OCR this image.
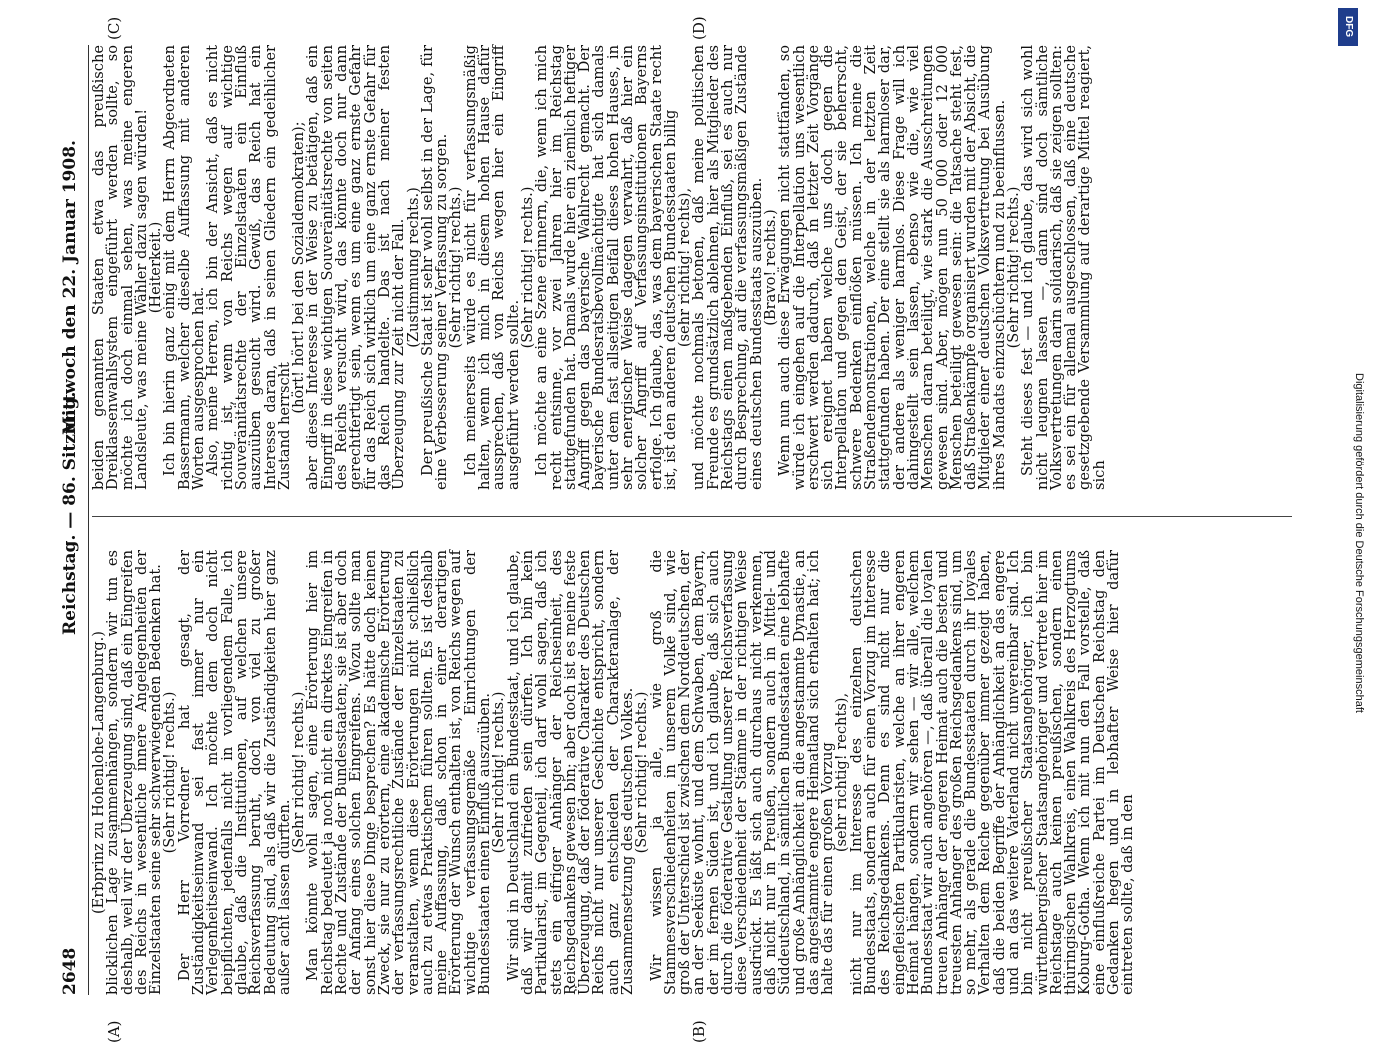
2648
Reichstag. — 86. Sitzung.
Mittwoch den 22. Januar 1908.

(Erbprinz zu Hohenlohe-Langenburg.)

blicklichen Lage zusammenhängen, sondern wir tun es deshalb, weil wir der Überzeugung sind, daß ein Eingreifen des Reichs in wesentliche innere Angelegenheiten der Einzelstaaten seine sehr schwerwiegenden Bedenken hat.

(Sehr richtig! rechts.)

Der Herr Vorredner hat gesagt, der Zuständigkeitseinwand sei fast immer nur ein Verlegenheitseinwand. Ich möchte dem doch nicht beipflichten, jedenfalls nicht in vorliegendem Falle, ich glaube, daß die Institutionen, auf welchen unsere Reichsverfassung beruht, doch von viel zu großer Bedeutung sind, als daß wir die Zuständigkeiten hier ganz außer acht lassen dürften.

(Sehr richtig! rechts.)

Man könnte wohl sagen, eine Erörterung hier im Reichstag bedeutet ja noch nicht ein direktes Eingreifen in Rechte und Zustände der Bundesstaaten; sie ist aber doch der Anfang eines solchen Eingreifens. Wozu sollte man sonst hier diese Dinge besprechen? Es hätte doch keinen Zweck, sie nur zu erörtern, eine akademische Erörterung der verfassungsrechtliche Zustände der Einzelstaaten zu veranstalten, wenn diese Erörterungen nicht schließlich auch zu etwas Praktischem führen sollten. Es ist deshalb meine Auffassung, daß schon in einer derartigen Erörterung der Wunsch enthalten ist, von Reichs wegen auf wichtige verfassungsgemäße Einrichtungen der Bundesstaaten einen Einfluß auszuüben.

(Sehr richtig! rechts.)

Wir sind in Deutschland ein Bundesstaat, und ich glaube, daß wir damit zufrieden sein dürfen. Ich bin kein Partikularist, im Gegenteil, ich darf wohl sagen, daß ich stets ein eifriger Anhänger der Reichseinheit, des Reichsgedankens gewesen bin; aber doch ist es meine feste Überzeugung, daß der föderative Charakter des Deutschen Reichs nicht nur unserer Geschichte entspricht, sondern auch ganz entschieden der Charakteranlage, der Zusammensetzung des deutschen Volkes.

(Sehr richtig! rechts.)

Wir wissen ja alle, wie groß die Stammesverschiedenheiten in unserem Volke sind, wie groß der Unterschied ist zwischen dem Norddeutschen, der an der Seeküste wohnt, und dem Schwaben, dem Bayern, der im fernen Süden ist, und ich glaube, daß sich auch durch die föderative Gestaltung unserer Reichsverfassung diese Verschiedenheit der Stämme in der richtigen Weise ausdrückt. Es läßt sich auch durchaus nicht verkennen, daß nicht nur in Preußen, sondern auch in Mittel- und Süddeutschland, in sämtlichen Bundesstaaten eine lebhafte und große Anhänglichkeit an die angestammte Dynastie, an das angestammte engere Heimatland sich erhalten hat; ich halte das für einen großen Vorzug

(sehr richtig! rechts),

nicht nur im Interesse des einzelnen deutschen Bundesstaats, sondern auch für einen Vorzug im Interesse des Reichsgedankens. Denn es sind nicht nur die eingefleischten Partikularisten, welche an ihrer engeren Heimat hängen, sondern wir sehen — wir alle, welchem Bundesstaat wir auch angehören —, daß überall die loyalen treuen Anhänger der engeren Heimat auch die besten und treuesten Anhänger des großen Reichsgedankens sind, um so mehr, als gerade die Bundesstaaten durch ihr loyales Verhalten dem Reiche gegenüber immer gezeigt haben, daß die beiden Begriffe der Anhänglichkeit an das engere und an das weitere Vaterland nicht unvereinbar sind. Ich bin nicht preußischer Staatsangehöriger, ich bin württembergischer Staatsangehöriger und vertrete hier im Reichstage auch keinen preußischen, sondern einen thüringischen Wahlkreis, einen Wahlkreis des Herzogtums Koburg-Gotha. Wenn ich mit nun den Fall vorstelle, daß eine einflußreiche Partei im Deutschen Reichstag den Gedanken hegen und in lebhafter Weise hier dafür eintreten sollte, daß in den

beiden genannten Staaten etwa das preußische Dreiklassenwahlsystem eingeführt werden sollte, so möchte ich doch einmal sehen, was meine engeren Landsleute, was meine Wähler dazu sagen würden!

(Heiterkeit.)

Ich bin hierin ganz einig mit dem Herrn Abgeordneten Bassermann, welcher dieselbe Auffassung mit anderen Worten ausgesprochen hat.

Also, meine Herren, ich bin der Ansicht, daß es nicht richtig ist, wenn von Reichs wegen auf wichtige Souveränitätsrechte der Einzelstaaten ein Einfluß auszuüben gesucht wird. Gewiß, das Reich hat ein Interesse daran, daß in seinen Gliedern ein gedeihlicher Zustand herrscht

(hört! hört! bei den Sozialdemokraten);

aber dieses Interesse in der Weise zu betätigen, daß ein Eingriff in diese wichtigen Souveränitätsrechte von seiten des Reichs versucht wird, das könnte doch nur dann gerechtfertigt sein, wenn es um eine ganz ernste Gefahr für das Reich sich wirklich um eine ganz ernste Gefahr für das Reich handelte. Das ist nach meiner festen Überzeugung zur Zeit nicht der Fall.

(Zustimmung rechts.)

Der preußische Staat ist sehr wohl selbst in der Lage, für eine Verbesserung seiner Verfassung zu sorgen.

(Sehr richtig! rechts.)

Ich meinerseits würde es nicht für verfassungsmäßig halten, wenn ich mich in diesem hohen Hause dafür aussprechen, daß von Reichs wegen hier ein Eingriff ausgeführt werden sollte.

(Sehr richtig! rechts.)

Ich möchte an eine Szene erinnern, die, wenn ich mich recht entsinne, vor zwei Jahren hier im Reichstag stattgefunden hat. Damals wurde hier ein ziemlich heftiger Angriff gegen das bayerische Wahlrecht gemacht. Der bayerische Bundesratsbevollmächtigte hat sich damals unter dem fast allseitigen Beifall dieses hohen Hauses, in sehr energischer Weise dagegen verwahrt, daß hier ein solcher Angriff auf Verfassungsinstitutionen Bayerns erfolge. Ich glaube, das, was dem bayerischen Staate recht ist, ist den anderen deutschen Bundesstaaten billig

(sehr richtig! rechts),

und möchte nochmals betonen, daß meine politischen Freunde es grundsätzlich ablehnen, hier als Mitglieder des Reichstags einen maßgebenden Einfluß, sei es auch nur durch Besprechung, auf die verfassungsmäßigen Zustände eines deutschen Bundesstaats auszuüben.

(Bravo! rechts.)

Wenn nun auch diese Erwägungen nicht stattfänden, so würde ich eingehen auf die Interpellation uns wesentlich erschwert werden dadurch, daß in letzter Zeit Vorgänge sich ereignet haben welche uns doch gegen die Interpellation und gegen den Geist, der sie beherrscht, schwere Bedenken einflößen müssen. Ich meine die Straßendemonstrationen, welche in der letzten Zeit stattgefunden haben. Der eine stellt sie als harmloser dar, der andere als weniger harmlos. Diese Frage will ich dahingestellt sein lassen, ebenso wie die, wie viel Menschen daran beteiligt, wie stark die Ausschreitungen gewesen sind. Aber, mögen nun 50 000 oder 12 000 Menschen beteiligt gewesen sein: die Tatsache steht fest, daß Straßenkämpfe organisiert wurden mit der Absicht, die Mitglieder einer deutschen Volksvertretung bei Ausübung ihres Mandats einzuschüchtern und zu beeinflussen.

(Sehr richtig! rechts.)

Steht dieses fest — und ich glaube, das wird sich wohl nicht leugnen lassen —, dann sind doch sämtliche Volksvertretungen darin solidarisch, daß sie zeigen sollten: es sei ein für allemal ausgeschlossen, daß eine deutsche gesetzgebende Versammlung auf derartige Mittel reagiert, sich

(A)	(B)
(C)	(D)	DFG
Digitalisierung gefördert durch die Deutsche Forschungsgemeinschaft
